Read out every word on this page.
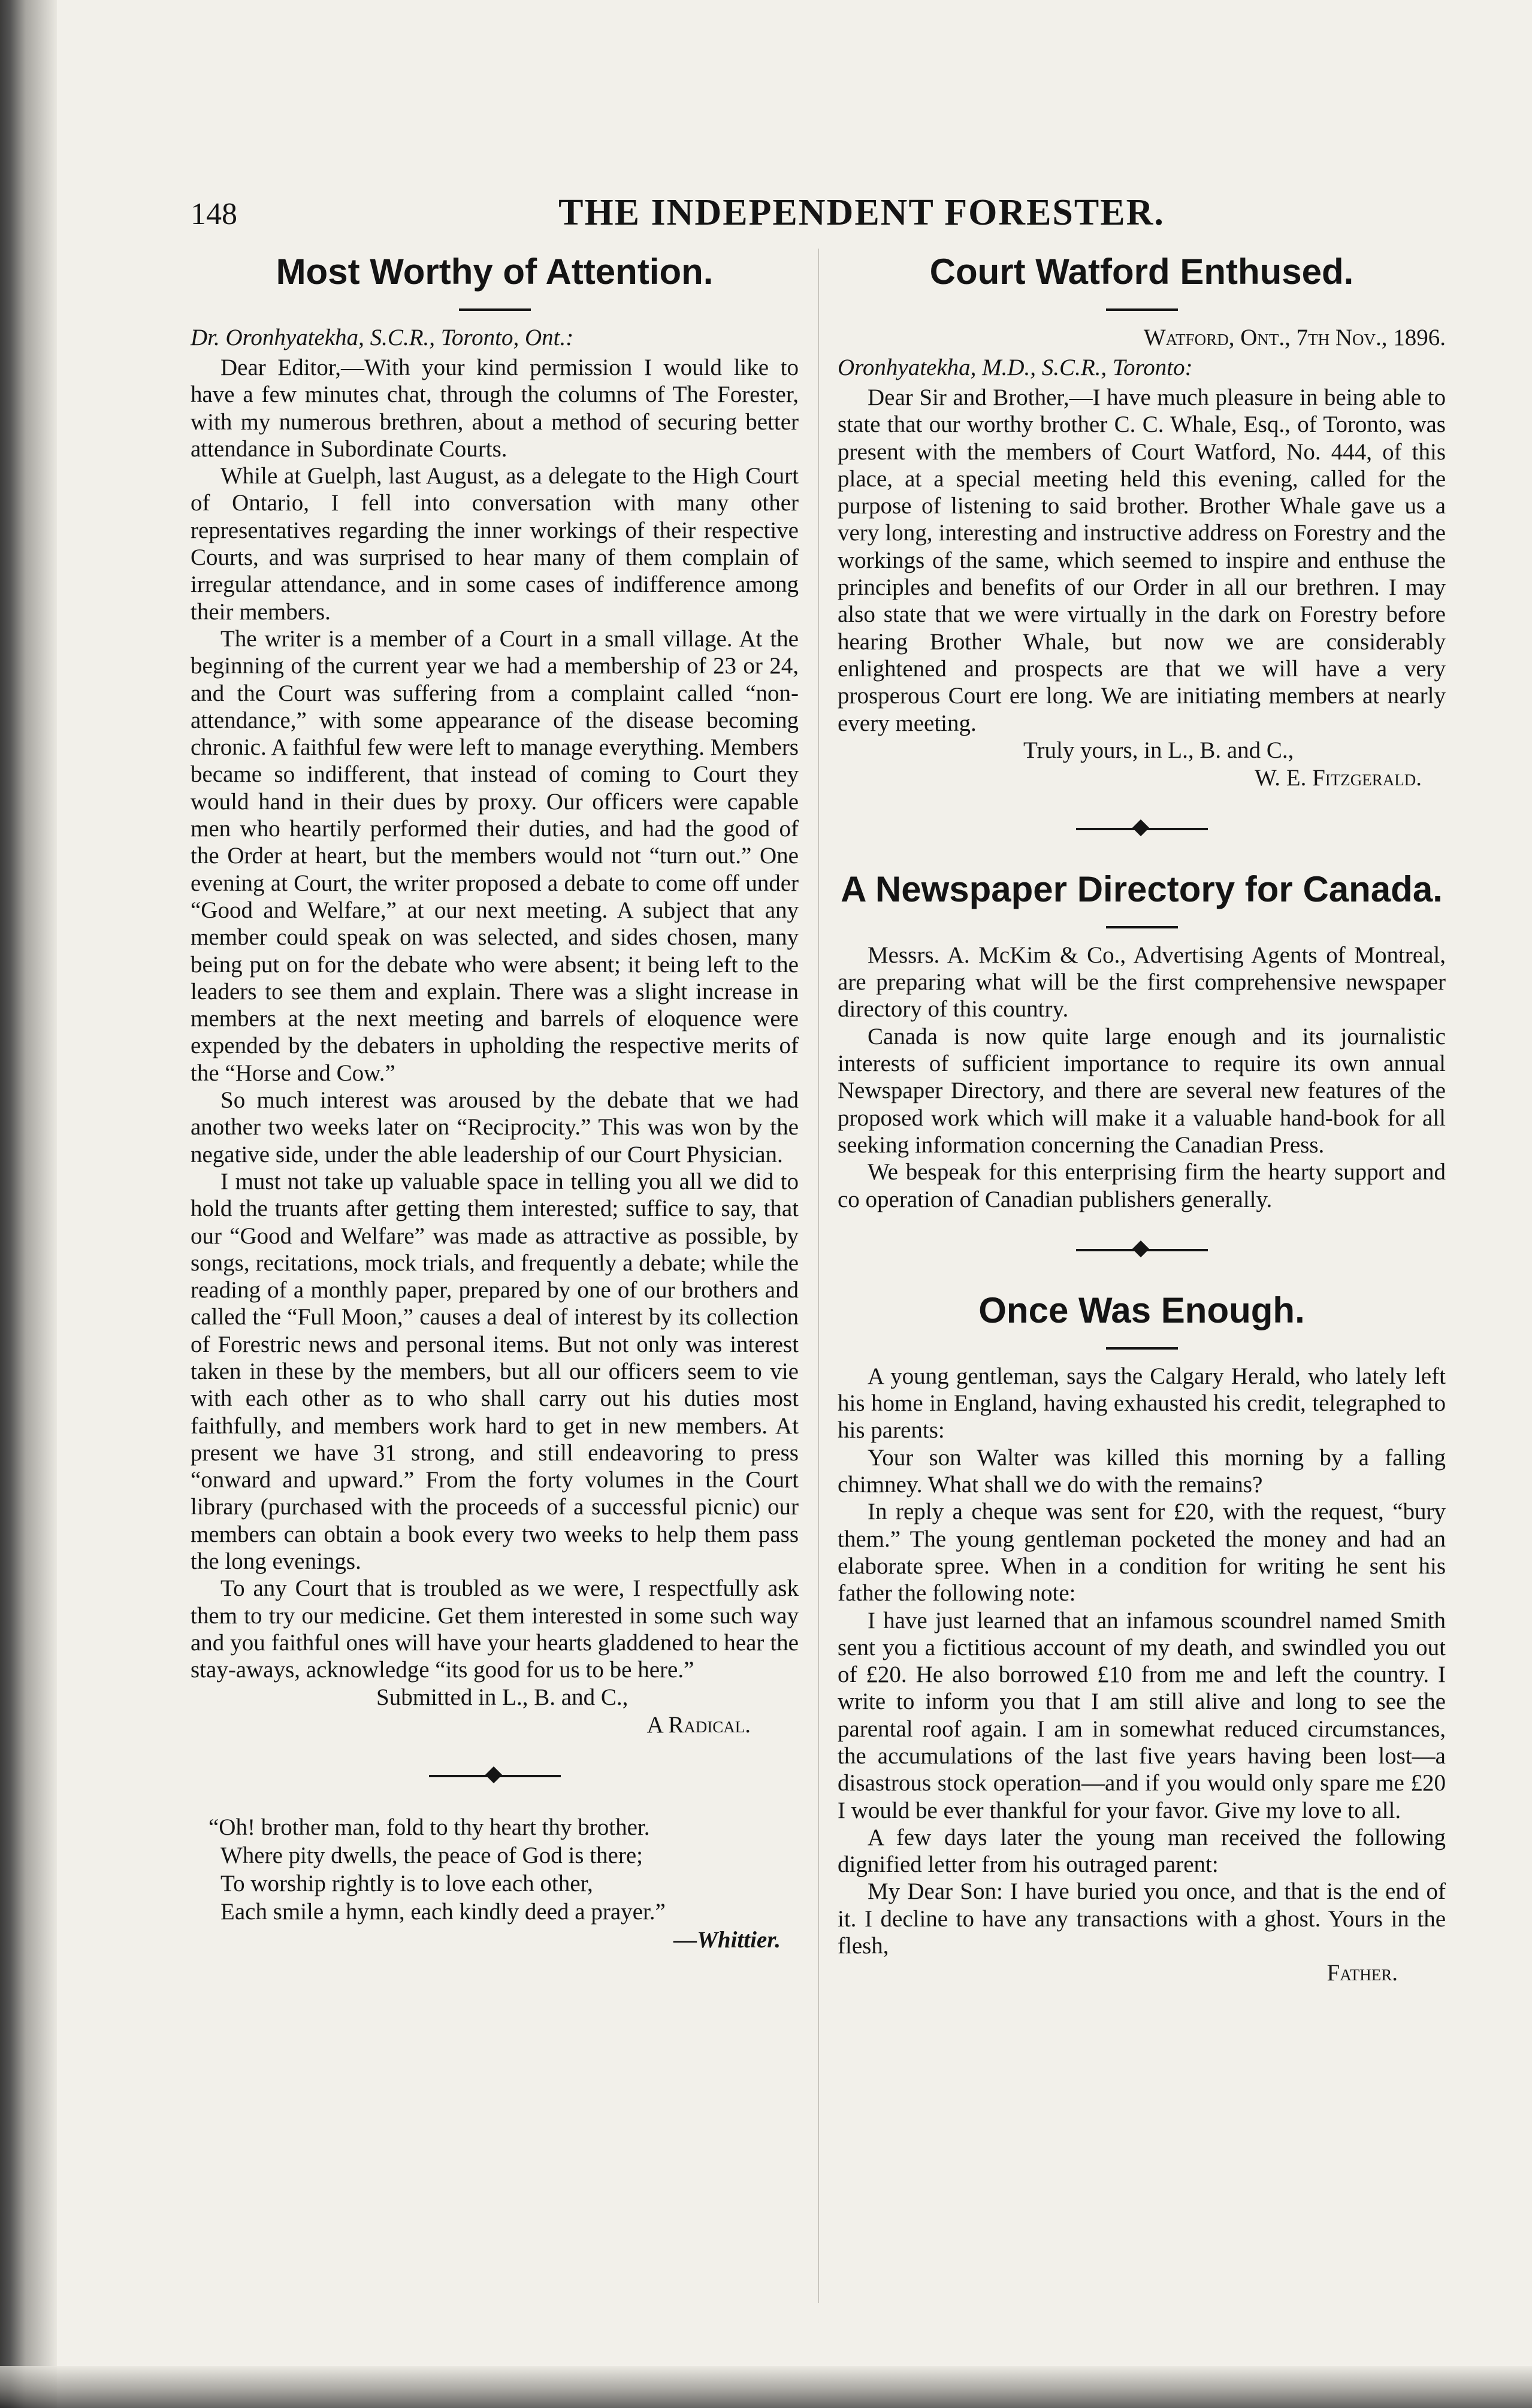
148	THE INDEPENDENT FORESTER.
Most Worthy of Attention.

Dr. Oronhyatekha, S.C.R., Toronto, Ont.:

Dear Editor,—With your kind permission I would like to have a few minutes chat, through the columns of The Forester, with my numerous brethren, about a method of securing better attendance in Subordinate Courts.

While at Guelph, last August, as a delegate to the High Court of Ontario, I fell into conversation with many other representatives regarding the inner workings of their respective Courts, and was surprised to hear many of them complain of irregular attendance, and in some cases of indifference among their members.

The writer is a member of a Court in a small village. At the beginning of the current year we had a membership of 23 or 24, and the Court was suffering from a complaint called “non-attendance,” with some appearance of the disease becoming chronic. A faithful few were left to manage everything. Members became so indifferent, that instead of coming to Court they would hand in their dues by proxy. Our officers were capable men who heartily performed their duties, and had the good of the Order at heart, but the members would not “turn out.” One evening at Court, the writer proposed a debate to come off under “Good and Welfare,” at our next meeting. A subject that any member could speak on was selected, and sides chosen, many being put on for the debate who were absent; it being left to the leaders to see them and explain. There was a slight increase in members at the next meeting and barrels of eloquence were expended by the debaters in upholding the respective merits of the “Horse and Cow.”

So much interest was aroused by the debate that we had another two weeks later on “Reciprocity.” This was won by the negative side, under the able leadership of our Court Physician.

I must not take up valuable space in telling you all we did to hold the truants after getting them interested; suffice to say, that our “Good and Welfare” was made as attractive as possible, by songs, recitations, mock trials, and frequently a debate; while the reading of a monthly paper, prepared by one of our brothers and called the “Full Moon,” causes a deal of interest by its collection of Forestric news and personal items. But not only was interest taken in these by the members, but all our officers seem to vie with each other as to who shall carry out his duties most faithfully, and members work hard to get in new members. At present we have 31 strong, and still endeavoring to press “onward and upward.” From the forty volumes in the Court library (purchased with the proceeds of a successful picnic) our members can obtain a book every two weeks to help them pass the long evenings.

To any Court that is troubled as we were, I respectfully ask them to try our medicine. Get them interested in some such way and you faithful ones will have your hearts gladdened to hear the stay-aways, acknowledge “its good for us to be here.”

Submitted in L., B. and C.,

A Radical.

“Oh! brother man, fold to thy heart thy brother.

Where pity dwells, the peace of God is there;

To worship rightly is to love each other,

Each smile a hymn, each kindly deed a prayer.”

—Whittier.

Court Watford Enthused.

Watford, Ont., 7th Nov., 1896.

Oronhyatekha, M.D., S.C.R., Toronto:

Dear Sir and Brother,—I have much pleasure in being able to state that our worthy brother C. C. Whale, Esq., of Toronto, was present with the members of Court Watford, No. 444, of this place, at a special meeting held this evening, called for the purpose of listening to said brother. Brother Whale gave us a very long, interesting and instructive address on Forestry and the workings of the same, which seemed to inspire and enthuse the principles and benefits of our Order in all our brethren. I may also state that we were virtually in the dark on Forestry before hearing Brother Whale, but now we are considerably enlightened and prospects are that we will have a very prosperous Court ere long. We are initiating members at nearly every meeting.

Truly yours, in L., B. and C.,

W. E. Fitzgerald.

A Newspaper Directory for Canada.

Messrs. A. McKim & Co., Advertising Agents of Montreal, are preparing what will be the first comprehensive newspaper directory of this country.

Canada is now quite large enough and its journalistic interests of sufficient importance to require its own annual Newspaper Directory, and there are several new features of the proposed work which will make it a valuable hand-book for all seeking information concerning the Canadian Press.

We bespeak for this enterprising firm the hearty support and co operation of Canadian publishers generally.

Once Was Enough.

A young gentleman, says the Calgary Herald, who lately left his home in England, having exhausted his credit, telegraphed to his parents:

Your son Walter was killed this morning by a falling chimney. What shall we do with the remains?

In reply a cheque was sent for £20, with the request, “bury them.” The young gentleman pocketed the money and had an elaborate spree. When in a condition for writing he sent his father the following note:

I have just learned that an infamous scoundrel named Smith sent you a fictitious account of my death, and swindled you out of £20. He also borrowed £10 from me and left the country. I write to inform you that I am still alive and long to see the parental roof again. I am in somewhat reduced circumstances, the accumulations of the last five years having been lost—a disastrous stock operation—and if you would only spare me £20 I would be ever thankful for your favor. Give my love to all.

A few days later the young man received the following dignified letter from his outraged parent:

My Dear Son: I have buried you once, and that is the end of it. I decline to have any transactions with a ghost. Yours in the flesh,

Father.
